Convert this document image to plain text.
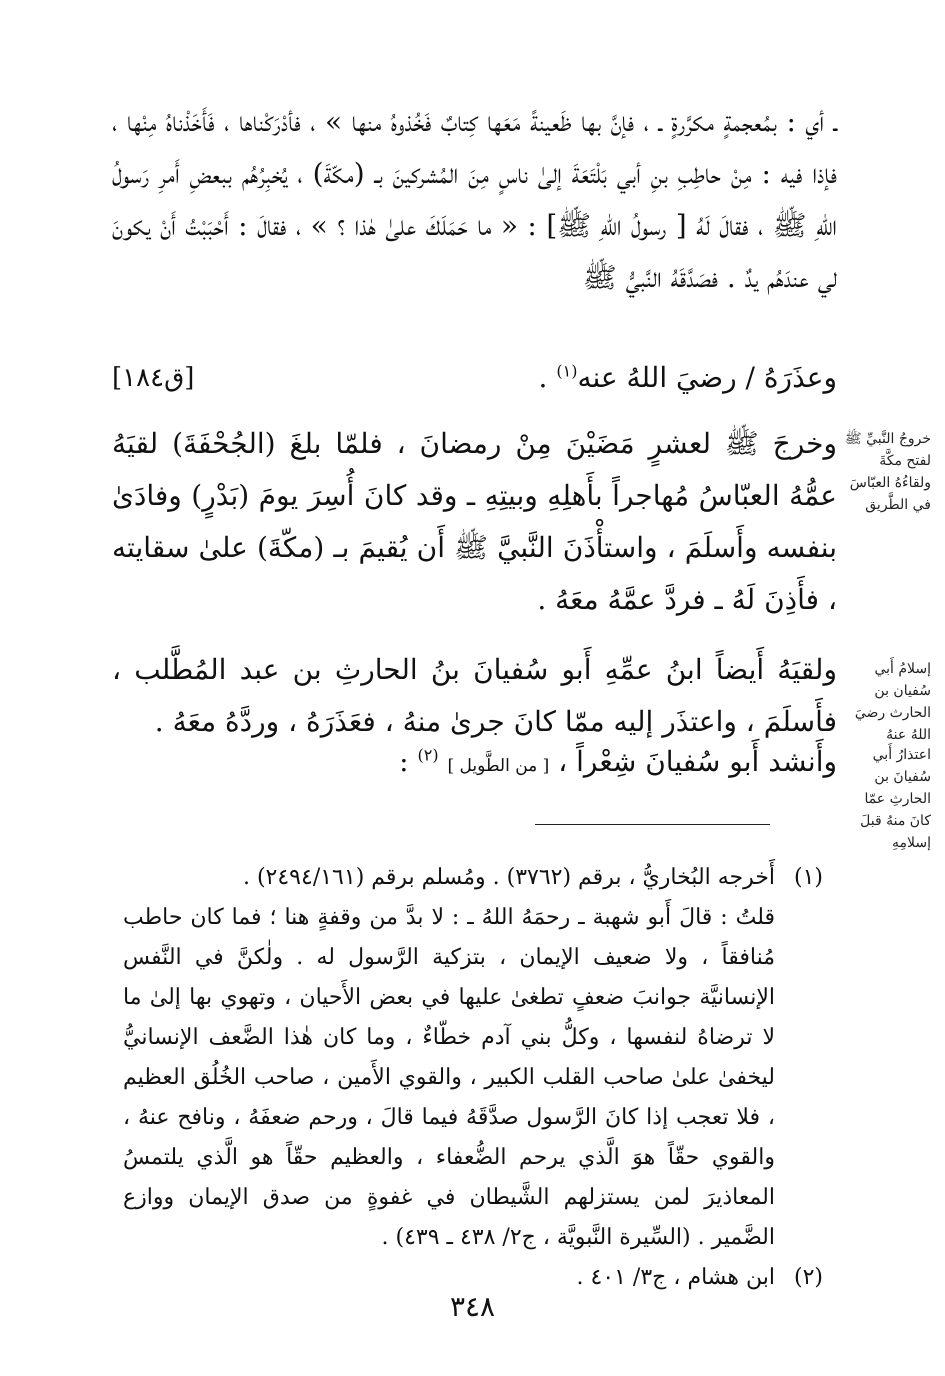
ـ أي : بمُعجمةٍ مكرَّرةٍ ـ ، فإنَّ بها ظَعينةً مَعَها كِتابٌ فَخُذوهُ منها » ، فأدْرَكْناها ، فَأَخَذْناهُ مِنْها ، فإذا فيه : مِنْ حاطِبِ بنِ أبي بَلْتَعَةَ إلىٰ ناسٍ مِنَ المُشركينَ بـ (مكّةَ) ، يُخبِرُهُم ببعضِ أَمرِ رَسولُ اللهِ ﷺ ، فقالَ لَهُ [ رسولُ اللهِ ﷺ] : « ما حَمَلَكَ علىٰ هٰذا ؟ » ، فقالَ : أَحْبَبْتُ أَنْ يكونَ لي عندَهُم يدٌ . فصَدَّقَهُ النَّبيُّ ﷺ

وعذَرَهُ / رضيَ اللهُ عنه$^{(١)}$ .
[ق١٨٤]

وخرجَ ﷺ لعشرٍ مَضَيْنَ مِنْ رمضانَ ، فلمّا بلغَ (الجُحْفَةَ) لقيَهُ عمُّهُ العبّاسُ مُهاجراً بأَهلِهِ وبيتِهِ ـ وقد كانَ أُسِرَ يومَ (بَدْرٍ) وفادَىٰ بنفسه وأَسلَمَ ، واستأْذَنَ النَّبيَّ ﷺ أَن يُقيمَ بـ (مكّةَ) علىٰ سقايته ، فأَذِنَ لَهُ ـ فردَّ عمَّهُ معَهُ .

خروجُ النَّبيِّ ﷺ لفتح مكَّةَ ولقاءُهُ العبّاسَ في الطَّريق

ولقيَهُ أَيضاً ابنُ عمِّهِ أَبو سُفيانَ بنُ الحارثِ بن عبد المُطَّلب ، فأَسلَمَ ، واعتذَر إليه ممّا كانَ جرىٰ منهُ ، فعَذَرَهُ ، وردَّهُ معَهُ .

إسلامُ أَبي سُفيان بن الحارث رضيَ اللهُ عنهُ

وأَنشد أَبو سُفيانَ شِعْراً ، [ من الطَّويل ] $^{(٢)}$ :	اعتذارُ أَبي سُفيانَ بن الحارثِ عمّا كانَ منهُ قبلَ إسلامِهِ
(١)

أَخرجه البُخاريُّ ، برقم (٣٧٦٢) . ومُسلم برقم (٢٤٩٤/١٦١) .

قلتُ : قالَ أَبو شهبة ـ رحمَهُ اللهُ ـ : لا بدَّ من وقفةٍ هنا ؛ فما كان حاطب مُنافقاً ، ولا ضعيف الإيمان ، بتزكية الرَّسول له . ولٰكنَّ في النَّفس الإنسانيَّة جوانبَ ضعفٍ تطغىٰ عليها في بعض الأَحيان ، وتهوي بها إلىٰ ما لا ترضاهُ لنفسها ، وكلُّ بني آدم خطّاءٌ ، وما كان هٰذا الضَّعف الإنسانيُّ ليخفىٰ علىٰ صاحب القلب الكبير ، والقوي الأَمين ، صاحب الخُلُق العظيم ، فلا تعجب إذا كانَ الرَّسول صدَّقَهُ فيما قالَ ، ورحم ضعفَهُ ، ونافح عنهُ ، والقوي حقّاً هوَ الَّذي يرحم الضُّعفاء ، والعظيم حقّاً هو الَّذي يلتمسُ المعاذيرَ لمن يستزلهم الشَّيطان في غفوةٍ من صدق الإيمان ووازع الضَّمير . (السِّيرة النَّبويَّة ، ج٢/ ٤٣٨ ـ ٤٣٩) .

(٢)

ابن هشام ، ج٣/ ٤٠١ .

٣٤٨
